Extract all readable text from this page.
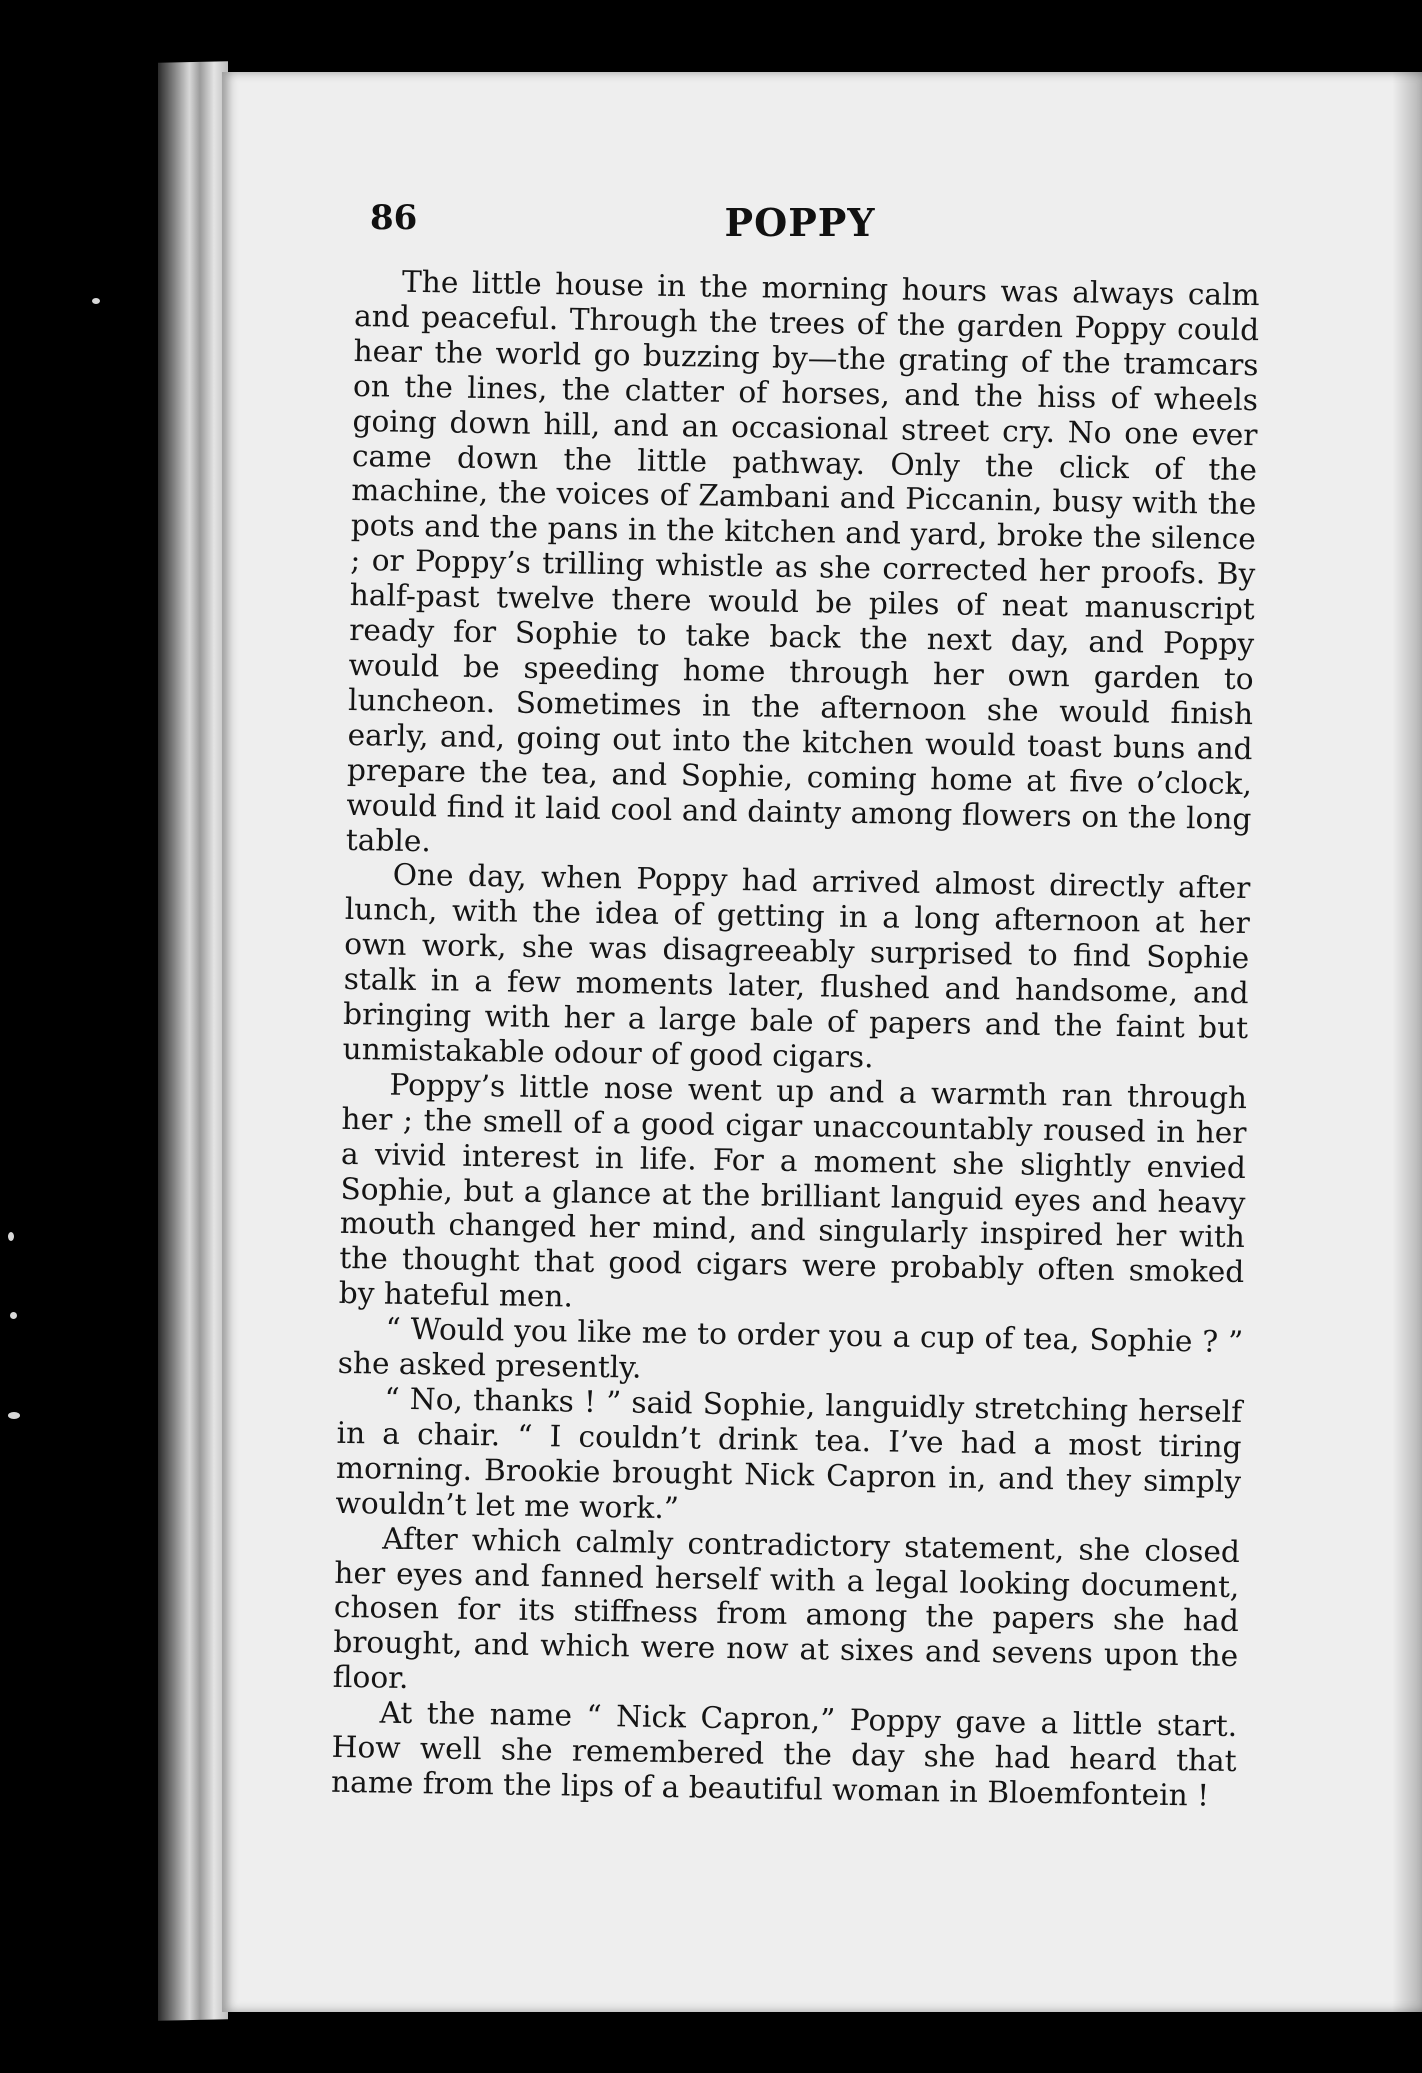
86	POPPY

The little house in the morning hours was always calm and peaceful. Through the trees of the garden Poppy could hear the world go buzzing by—the grating of the tramcars on the lines, the clatter of horses, and the hiss of wheels going down hill, and an occasional street cry. No one ever came down the little pathway. Only the click of the machine, the voices of Zambani and Piccanin, busy with the pots and the pans in the kitchen and yard, broke the silence ; or Poppy’s trilling whistle as she corrected her proofs. By half-past twelve there would be piles of neat manuscript ready for Sophie to take back the next day, and Poppy would be speeding home through her own garden to luncheon. Sometimes in the afternoon she would finish early, and, going out into the kitchen would toast buns and prepare the tea, and Sophie, coming home at five o’clock, would find it laid cool and dainty among flowers on the long table.

One day, when Poppy had arrived almost directly after lunch, with the idea of getting in a long afternoon at her own work, she was disagreeably surprised to find Sophie stalk in a few moments later, flushed and handsome, and bringing with her a large bale of papers and the faint but unmistakable odour of good cigars.

Poppy’s little nose went up and a warmth ran through her ; the smell of a good cigar unaccountably roused in her a vivid interest in life. For a moment she slightly envied Sophie, but a glance at the brilliant languid eyes and heavy mouth changed her mind, and singularly inspired her with the thought that good cigars were probably often smoked by hateful men.

“ Would you like me to order you a cup of tea, Sophie ? ” she asked presently.

“ No, thanks ! ” said Sophie, languidly stretching herself in a chair. “ I couldn’t drink tea. I’ve had a most tiring morning. Brookie brought Nick Capron in, and they simply wouldn’t let me work.”

After which calmly contradictory statement, she closed her eyes and fanned herself with a legal looking document, chosen for its stiffness from among the papers she had brought, and which were now at sixes and sevens upon the floor.

At the name “ Nick Capron,” Poppy gave a little start. How well she remembered the day she had heard that name from the lips of a beautiful woman in Bloemfontein !
